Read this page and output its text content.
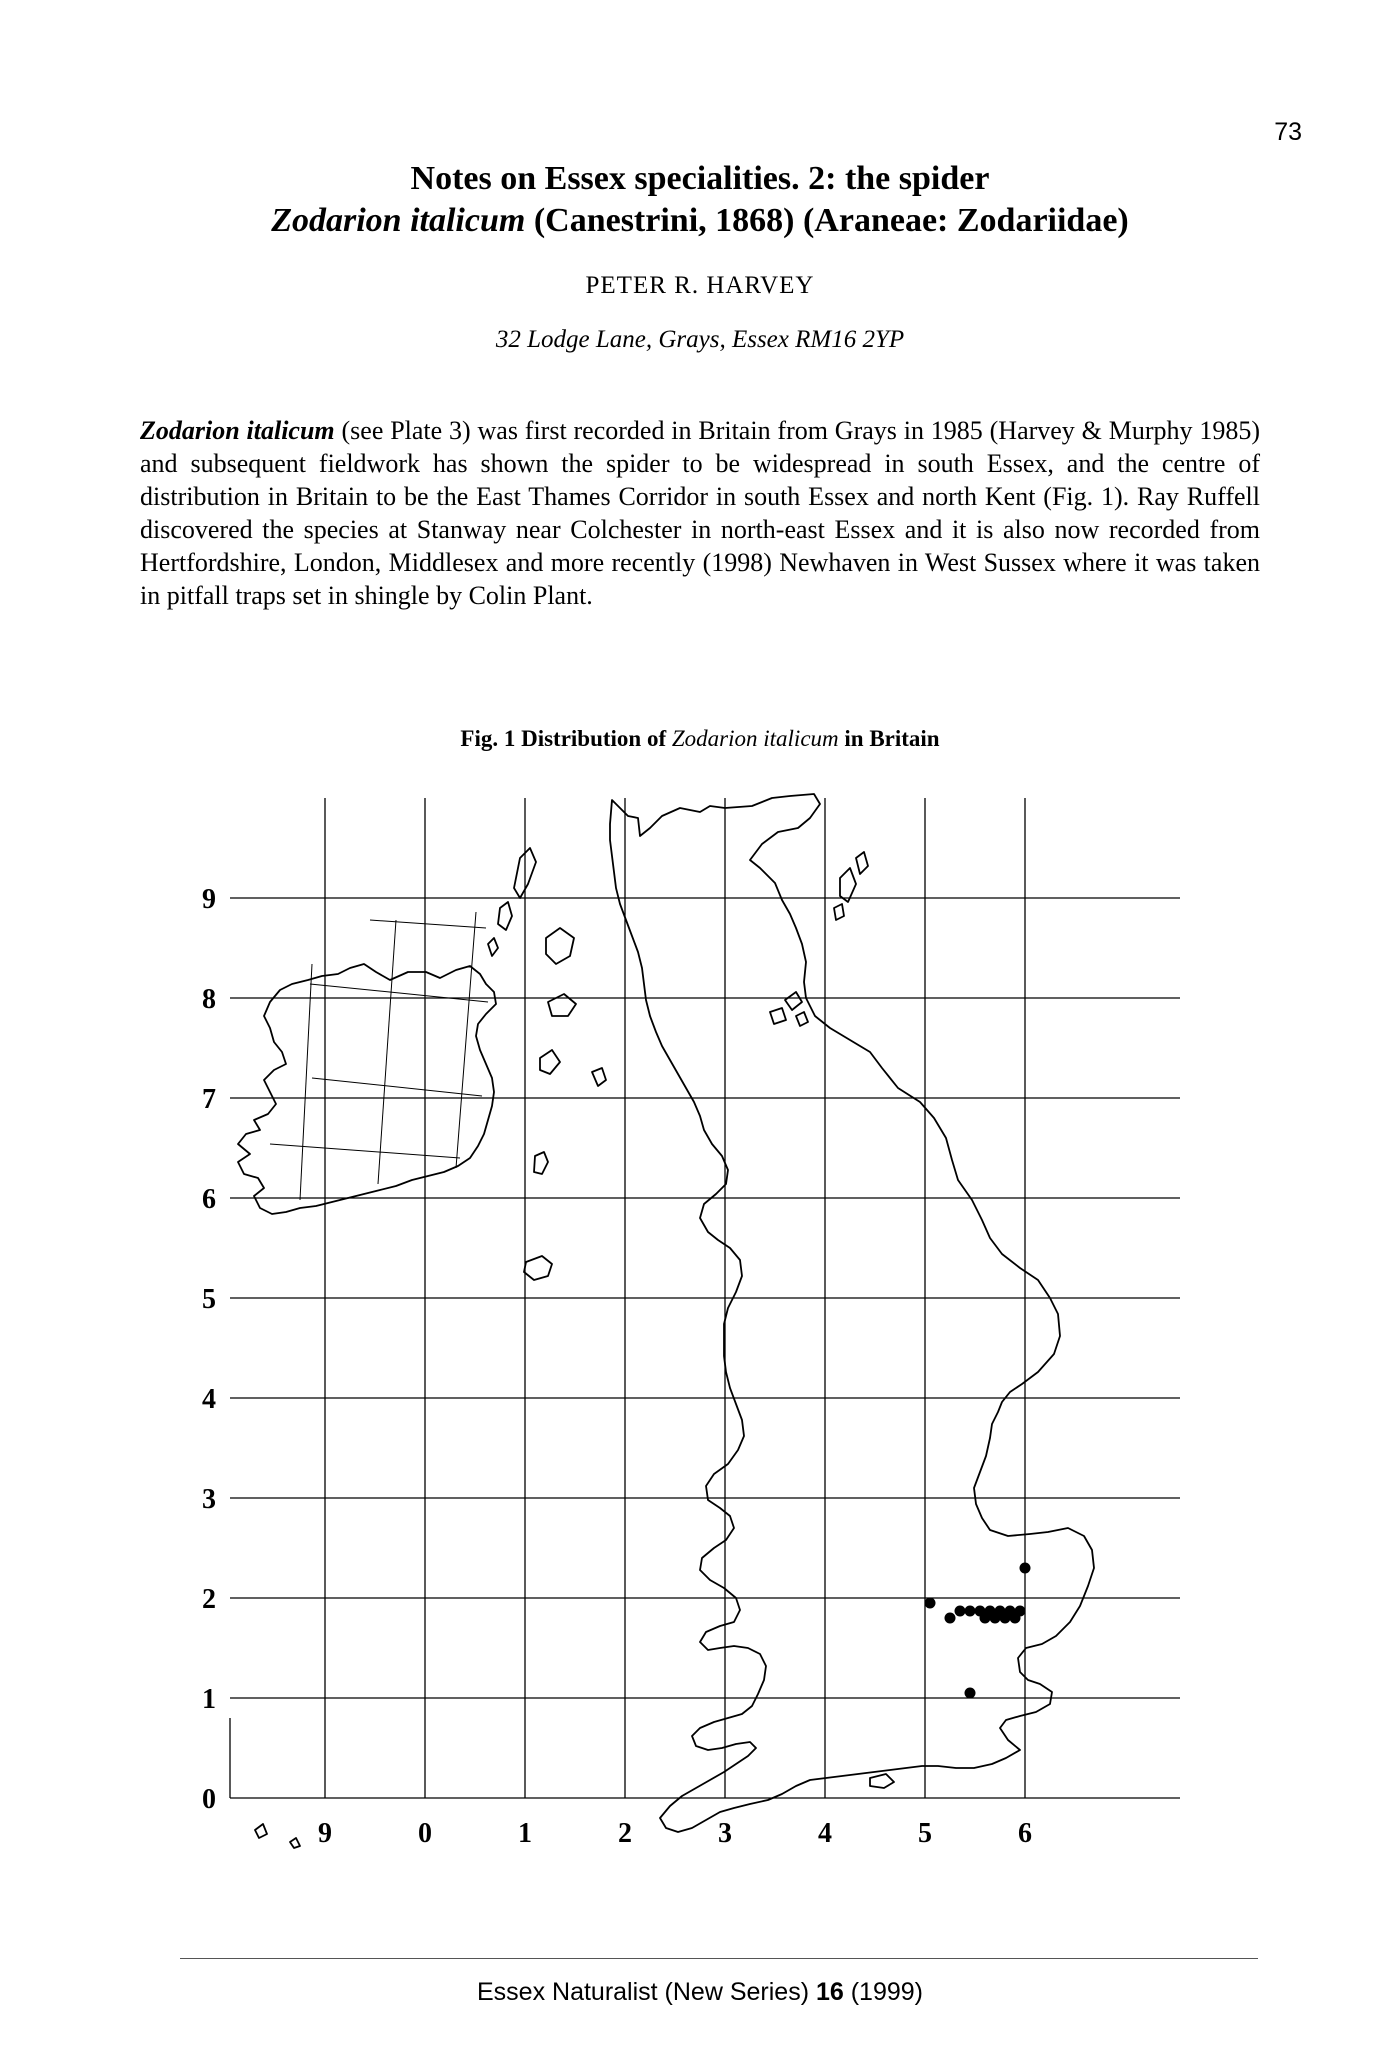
73
Notes on Essex specialities. 2: the spider
Zodarion italicum (Canestrini, 1868) (Araneae: Zodariidae)
PETER R. HARVEY
32 Lodge Lane, Grays, Essex RM16 2YP
Zodarion italicum (see Plate 3) was first recorded in Britain from Grays in 1985 (Harvey & Murphy 1985) and subsequent fieldwork has shown the spider to be widespread in south Essex, and the centre of distribution in Britain to be the East Thames Corridor in south Essex and north Kent (Fig. 1). Ray Ruffell discovered the species at Stanway near Colchester in north-east Essex and it is also now recorded from Hertfordshire, London, Middlesex and more recently (1998) Newhaven in West Sussex where it was taken in pitfall traps set in shingle by Colin Plant.
Fig. 1 Distribution of Zodarion italicum in Britain
9
8
7
6
5
4
3
2
1
0
9	0	1	2	3	4	5	6
Essex Naturalist (New Series) 16 (1999)
